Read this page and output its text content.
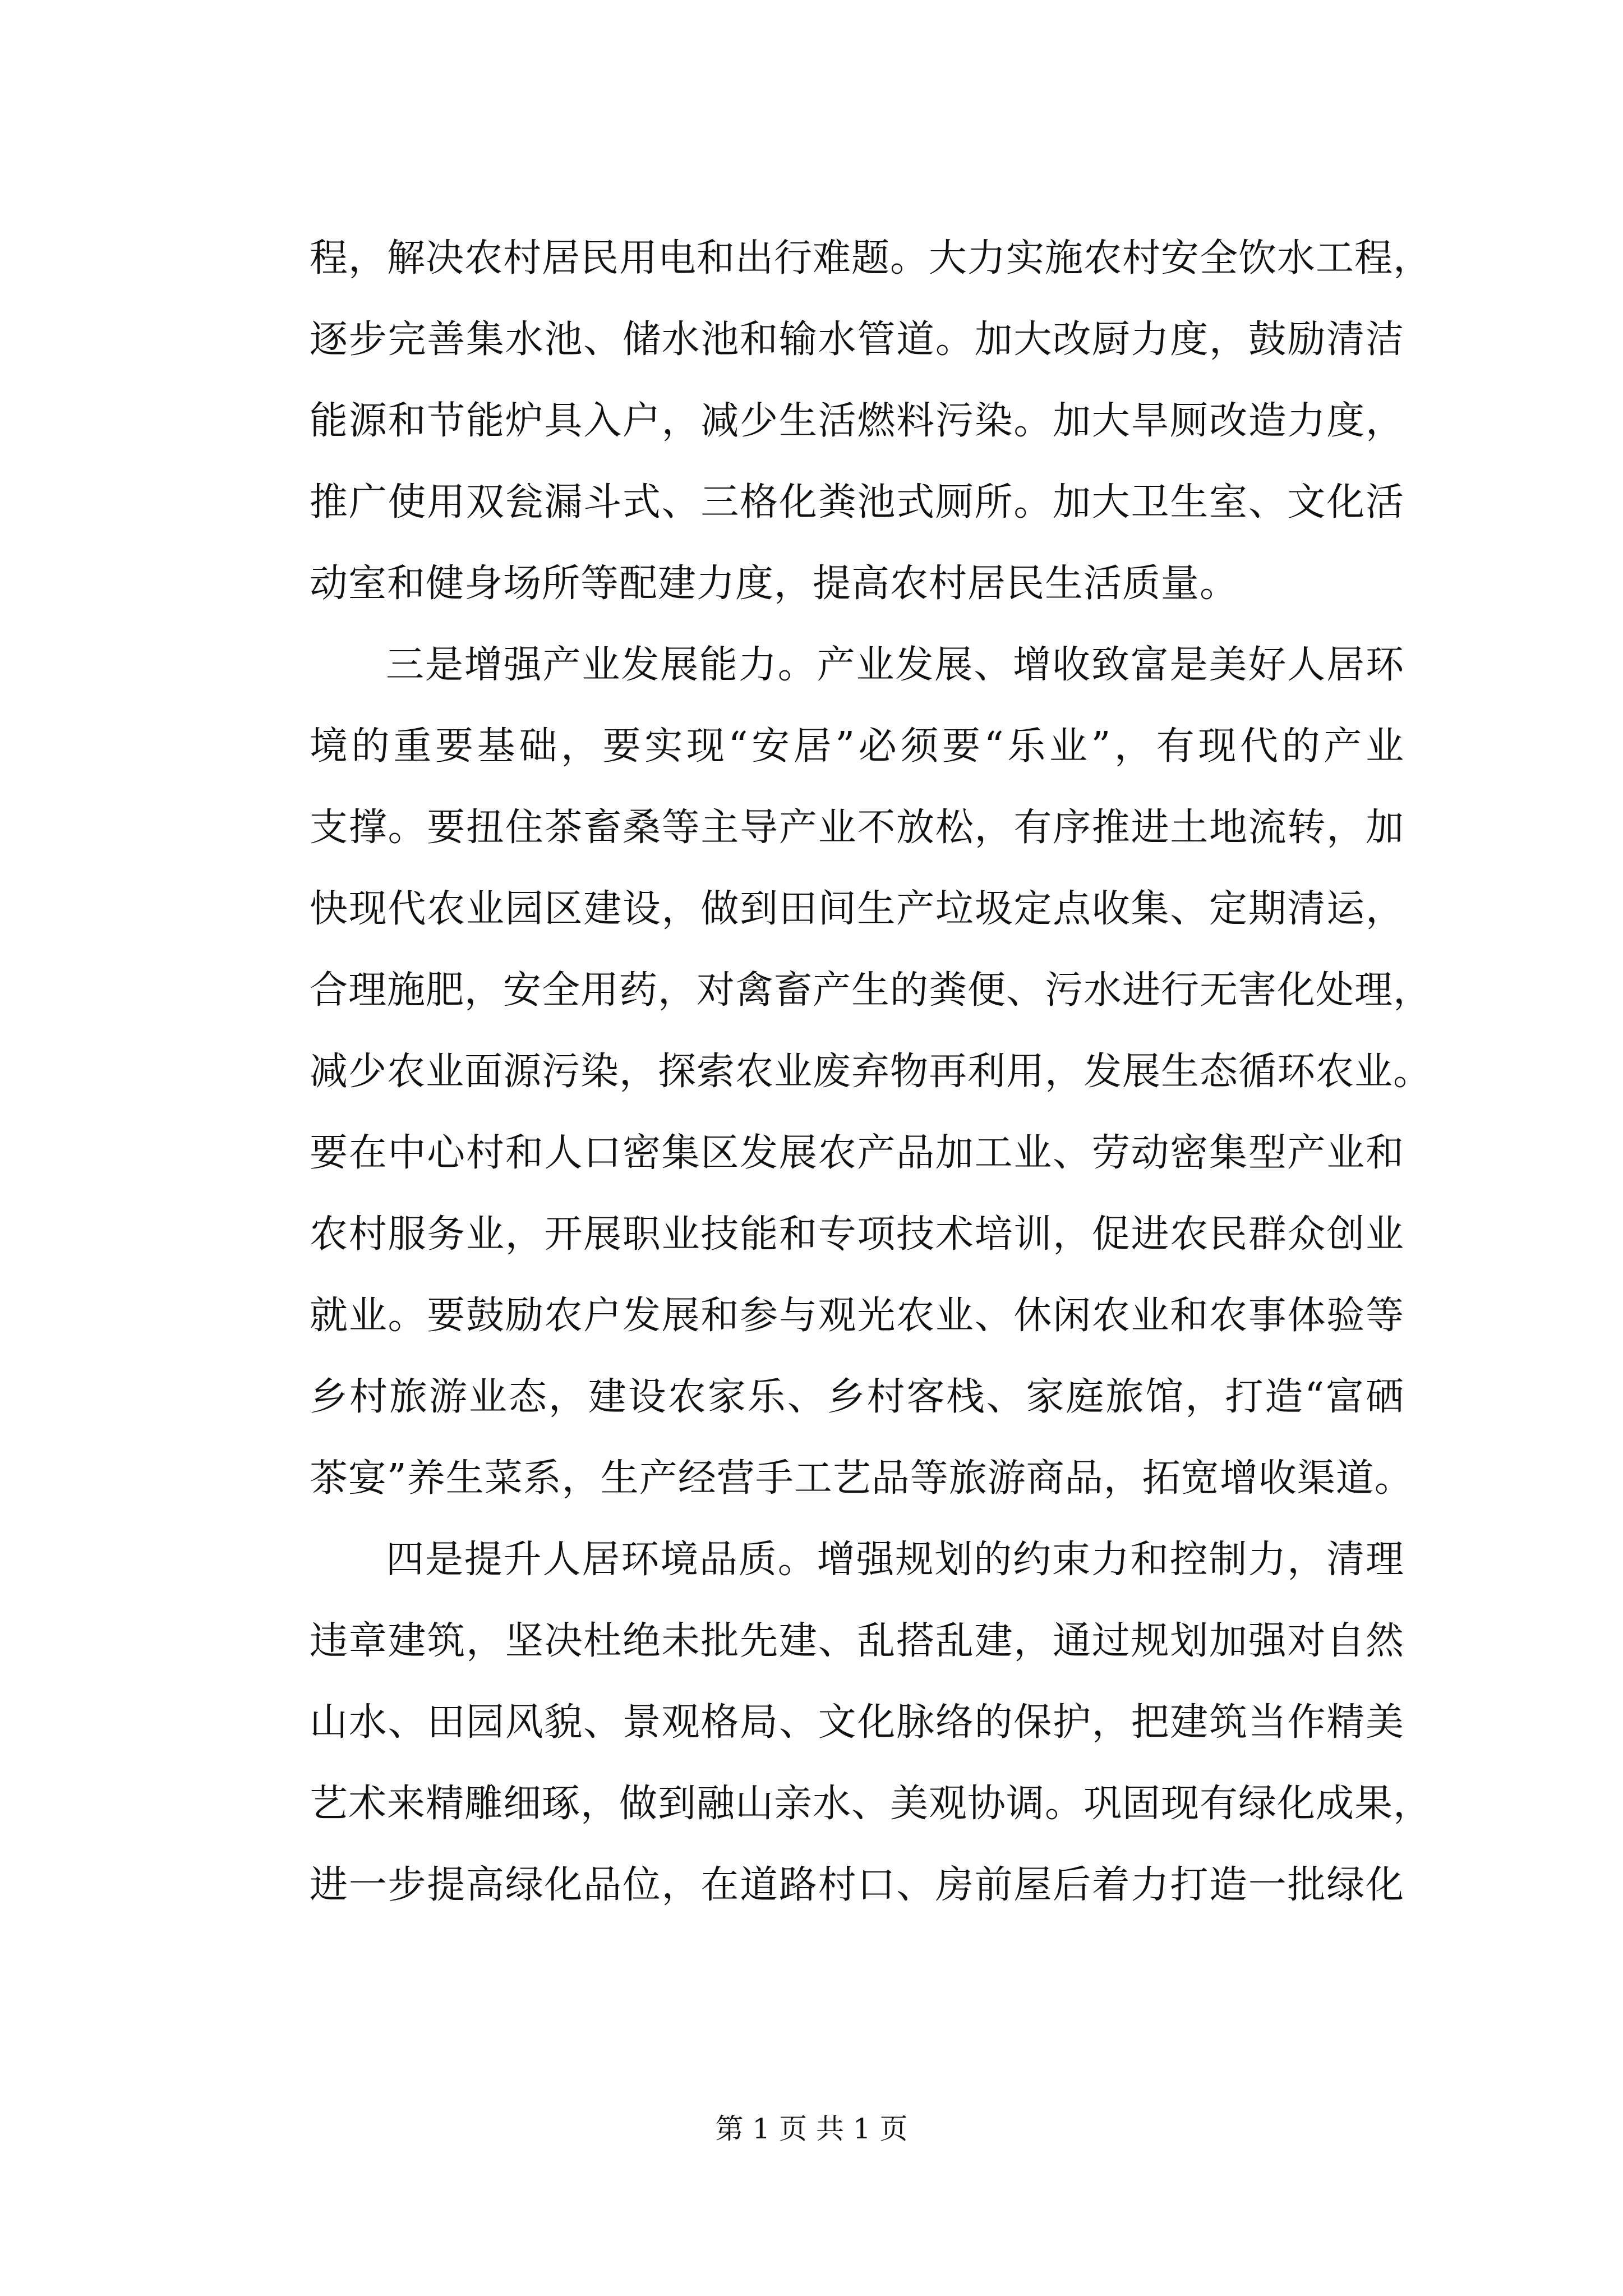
程，解决农村居民用电和出行难题。大力实施农村安全饮水工程，
逐步完善集水池、储水池和输水管道。加大改厨力度，鼓励清洁
能源和节能炉具入户，减少生活燃料污染。加大旱厕改造力度，
推广使用双瓮漏斗式、三格化粪池式厕所。加大卫生室、文化活
动室和健身场所等配建力度，提高农村居民生活质量。
三是增强产业发展能力。产业发展、增收致富是美好人居环
境的重要基础，要实现“安居”必须要“乐业”，有现代的产业
支撑。要扭住茶畜桑等主导产业不放松，有序推进土地流转，加
快现代农业园区建设，做到田间生产垃圾定点收集、定期清运，
合理施肥，安全用药，对禽畜产生的粪便、污水进行无害化处理，
减少农业面源污染，探索农业废弃物再利用，发展生态循环农业。
要在中心村和人口密集区发展农产品加工业、劳动密集型产业和
农村服务业，开展职业技能和专项技术培训，促进农民群众创业
就业。要鼓励农户发展和参与观光农业、休闲农业和农事体验等
乡村旅游业态，建设农家乐、乡村客栈、家庭旅馆，打造“富硒
茶宴”养生菜系，生产经营手工艺品等旅游商品，拓宽增收渠道。
四是提升人居环境品质。增强规划的约束力和控制力，清理
违章建筑，坚决杜绝未批先建、乱搭乱建，通过规划加强对自然
山水、田园风貌、景观格局、文化脉络的保护，把建筑当作精美
艺术来精雕细琢，做到融山亲水、美观协调。巩固现有绿化成果，
进一步提高绿化品位，在道路村口、房前屋后着力打造一批绿化
第 1 页 共 1 页
